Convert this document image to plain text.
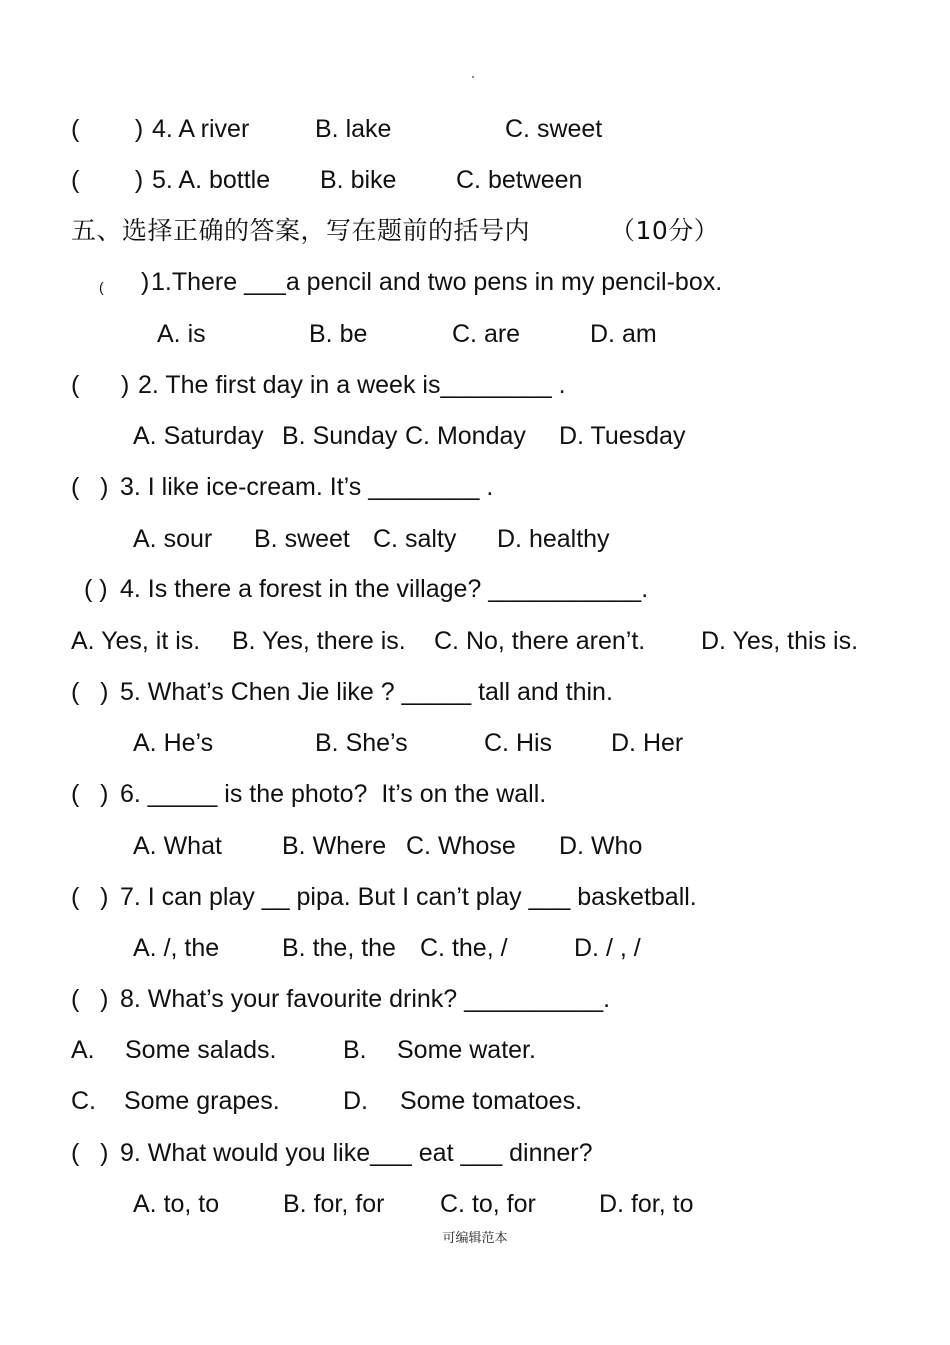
(        ) 4. A river	B. lake	C. sweet
(        ) 5. A. bottle B. bike C. between
五、选择正确的答案，写在题前的括号内	（10分）
( ) 1.There ___a pencil and two pens in my pencil-box.
A. is	B. be	C. are	D. am
(      ) 2. The first day in a week is________ .
A. Saturday B. Sunday C. Monday D. Tuesday
(   ) 3. I like ice-cream. It’s ________ .
A. sour B. sweet C. salty D. healthy
( ) 4. Is there a forest in the village? ___________.
A. Yes, it is. B. Yes, there is. C. No, there aren’t. D. Yes, this is.
(   ) 5. What’s Chen Jie like ? _____ tall and thin.
A. He’s	B. She’s	C. His D. Her
(   ) 6. _____ is the photo?  It’s on the wall.
A. What B. Where C. Whose D. Who
(   ) 7. I can play __ pipa. But I can’t play ___ basketball.
A. /, the	B. the, the C. the, /	D. / , /
(   ) 8. What’s your favourite drink? __________.
A. Some salads.	B. Some water.
C. Some grapes.	D. Some tomatoes.
(   ) 9. What would you like___ eat ___ dinner?
A. to, to	B. for, for C. to, for	D. for, to
可编辑范本
